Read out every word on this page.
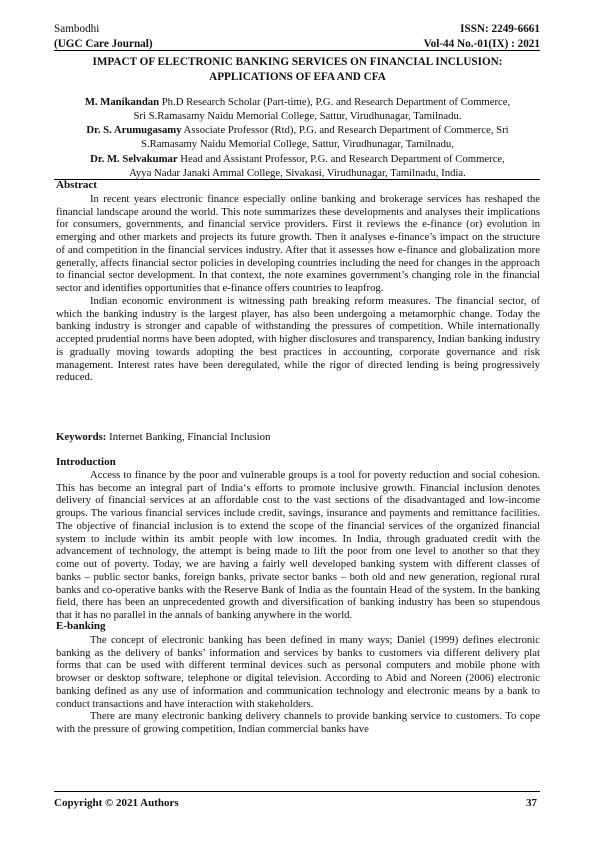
Sambodhi
(UGC Care Journal)
ISSN: 2249-6661
Vol-44 No.-01(IX) : 2021
IMPACT OF ELECTRONIC BANKING SERVICES ON FINANCIAL INCLUSION:
APPLICATIONS OF EFA AND CFA
M. Manikandan Ph.D Research Scholar (Part-time), P.G. and Research Department of Commerce,
Sri S.Ramasamy Naidu Memorial College, Sattur, Virudhunagar, Tamilnadu.
Dr. S. Arumugasamy Associate Professor (Rtd), P.G. and Research Department of Commerce, Sri
S.Ramasamy Naidu Memorial College, Sattur, Virudhunagar, Tamilnadu,
Dr. M. Selvakumar Head and Assistant Professor, P.G. and Research Department of Commerce,
Ayya Nadar Janaki Ammal College, Sivakasi, Virudhunagar, Tamilnadu, India.
Abstract

In recent years electronic finance especially online banking and brokerage services has reshaped the financial landscape around the world. This note summarizes these developments and analyses their implications for consumers, governments, and financial service providers. First it reviews the e-finance (or) evolution in emerging and other markets and projects its future growth. Then it analyses e-finance’s impact on the structure of and competition in the financial services industry. After that it assesses how e-finance and globalization more generally, affects financial sector policies in developing countries including the need for changes in the approach to financial sector development. In that context, the note examines government’s changing role in the financial sector and identifies opportunities that e-finance offers countries to leapfrog.

Indian economic environment is witnessing path breaking reform measures. The financial sector, of which the banking industry is the largest player, has also been undergoing a metamorphic change. Today the banking industry is stronger and capable of withstanding the pressures of competition. While internationally accepted prudential norms have been adopted, with higher disclosures and transparency, Indian banking industry is gradually moving towards adopting the best practices in accounting, corporate governance and risk management. Interest rates have been deregulated, while the rigor of directed lending is being progressively reduced.

Keywords: Internet Banking, Financial Inclusion
Introduction

Access to finance by the poor and vulnerable groups is a tool for poverty reduction and social cohesion. This has become an integral part of India‘s efforts to promote inclusive growth. Financial inclusion denotes delivery of financial services at an affordable cost to the vast sections of the disadvantaged and low-income groups. The various financial services include credit, savings, insurance and payments and remittance facilities. The objective of financial inclusion is to extend the scope of the financial services of the organized financial system to include within its ambit people with low incomes. In India, through graduated credit with the advancement of technology, the attempt is being made to lift the poor from one level to another so that they come out of poverty. Today, we are having a fairly well developed banking system with different classes of banks – public sector banks, foreign banks, private sector banks – both old and new generation, regional rural banks and co-operative banks with the Reserve Bank of India as the fountain Head of the system. In the banking field, there has been an unprecedented growth and diversification of banking industry has been so stupendous that it has no parallel in the annals of banking anywhere in the world.

E-banking

The concept of electronic banking has been defined in many ways; Daniel (1999) defines electronic banking as the delivery of banks’ information and services by banks to customers via different delivery plat forms that can be used with different terminal devices such as personal computers and mobile phone with browser or desktop software, telephone or digital television. According to Abid and Noreen (2006) electronic banking defined as any use of information and communication technology and electronic means by a bank to conduct transactions and have interaction with stakeholders.

There are many electronic banking delivery channels to provide banking service to customers. To cope with the pressure of growing competition, Indian commercial banks have

Copyright © 2021 Authors	37
